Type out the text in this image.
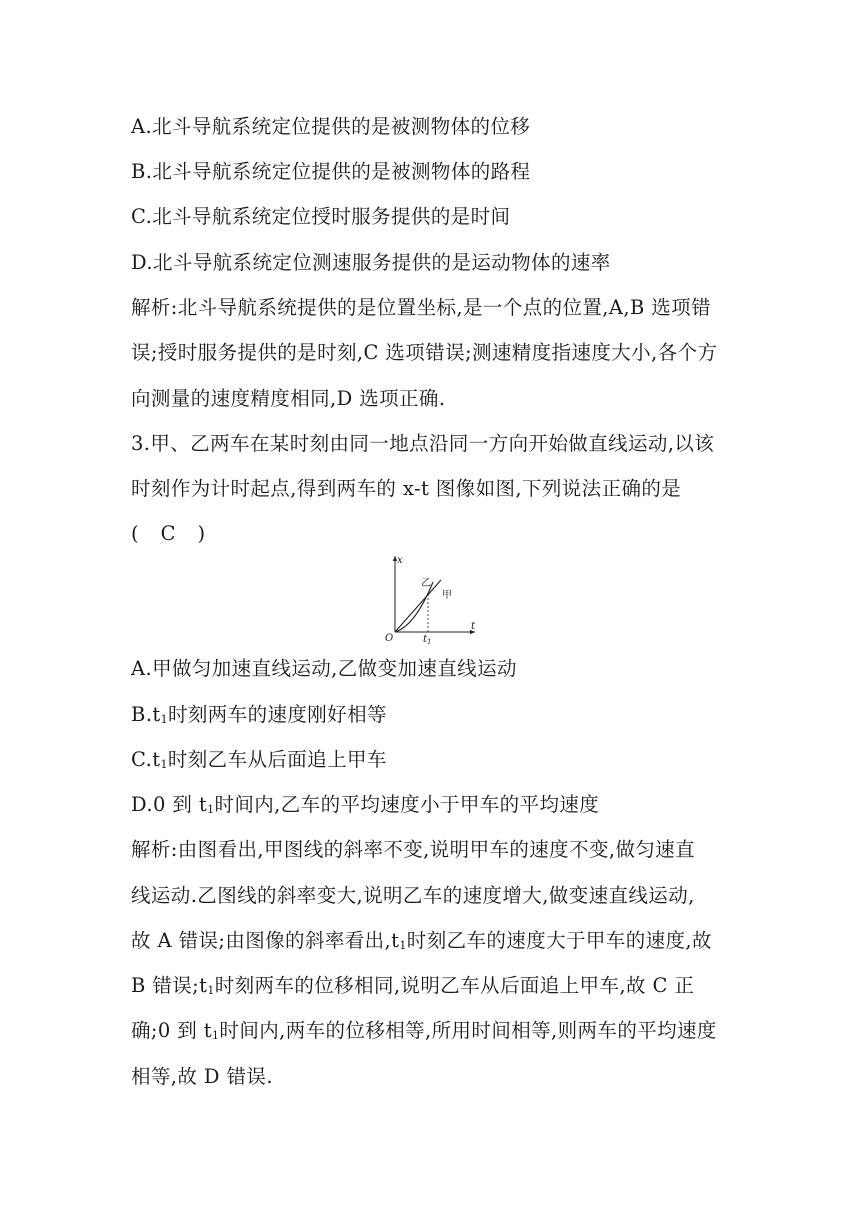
A.北斗导航系统定位提供的是被测物体的位移
B.北斗导航系统定位提供的是被测物体的路程
C.北斗导航系统定位授时服务提供的是时间
D.北斗导航系统定位测速服务提供的是运动物体的速率
解析:北斗导航系统提供的是位置坐标,是一个点的位置,A,B 选项错
误;授时服务提供的是时刻,C 选项错误;测速精度指速度大小,各个方
向测量的速度精度相同,D 选项正确.
3.甲、乙两车在某时刻由同一地点沿同一方向开始做直线运动,以该
时刻作为计时起点,得到两车的 x-t 图像如图,下列说法正确的是
( C )
x
t
O	$t_1$
乙
甲
A.甲做匀加速直线运动,乙做变加速直线运动
$B.t_1$时刻两车的速度刚好相等
$C.t_1$时刻乙车从后面追上甲车
D.0 到 $t_1$时间内,乙车的平均速度小于甲车的平均速度
解析:由图看出,甲图线的斜率不变,说明甲车的速度不变,做匀速直
线运动.乙图线的斜率变大,说明乙车的速度增大,做变速直线运动,
故 A 错误;由图像的斜率看出$,t_1$时刻乙车的速度大于甲车的速度,故
B 错误$;t_1$时刻两车的位移相同,说明乙车从后面追上甲车,故 C 正
确;0 到 $t_1$时间内,两车的位移相等,所用时间相等,则两车的平均速度
相等,故 D 错误.
